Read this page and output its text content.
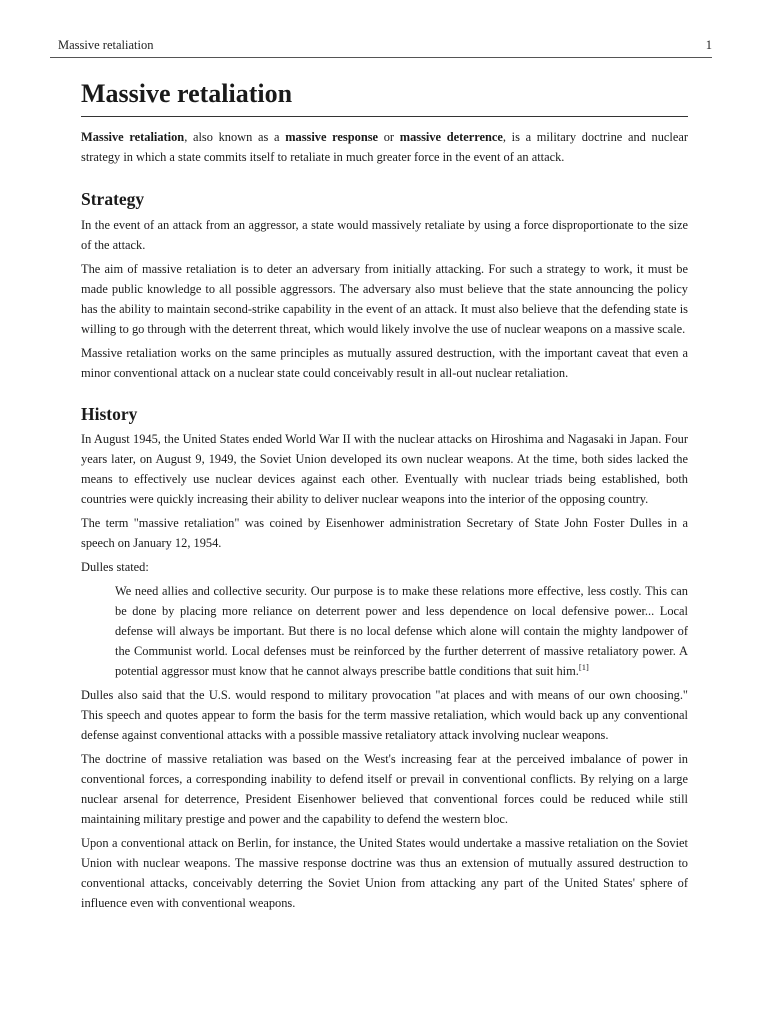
Massive retaliation	1
Massive retaliation

Massive retaliation, also known as a massive response or massive deterrence, is a military doctrine and nuclear strategy in which a state commits itself to retaliate in much greater force in the event of an attack.

Strategy

In the event of an attack from an aggressor, a state would massively retaliate by using a force disproportionate to the size of the attack.

The aim of massive retaliation is to deter an adversary from initially attacking. For such a strategy to work, it must be made public knowledge to all possible aggressors. The adversary also must believe that the state announcing the policy has the ability to maintain second-strike capability in the event of an attack. It must also believe that the defending state is willing to go through with the deterrent threat, which would likely involve the use of nuclear weapons on a massive scale.

Massive retaliation works on the same principles as mutually assured destruction, with the important caveat that even a minor conventional attack on a nuclear state could conceivably result in all-out nuclear retaliation.

History

In August 1945, the United States ended World War II with the nuclear attacks on Hiroshima and Nagasaki in Japan. Four years later, on August 9, 1949, the Soviet Union developed its own nuclear weapons. At the time, both sides lacked the means to effectively use nuclear devices against each other. Eventually with nuclear triads being established, both countries were quickly increasing their ability to deliver nuclear weapons into the interior of the opposing country.

The term "massive retaliation" was coined by Eisenhower administration Secretary of State John Foster Dulles in a speech on January 12, 1954.

Dulles stated:

We need allies and collective security. Our purpose is to make these relations more effective, less costly. This can be done by placing more reliance on deterrent power and less dependence on local defensive power... Local defense will always be important. But there is no local defense which alone will contain the mighty landpower of the Communist world. Local defenses must be reinforced by the further deterrent of massive retaliatory power. A potential aggressor must know that he cannot always prescribe battle conditions that suit him.[1]

Dulles also said that the U.S. would respond to military provocation "at places and with means of our own choosing." This speech and quotes appear to form the basis for the term massive retaliation, which would back up any conventional defense against conventional attacks with a possible massive retaliatory attack involving nuclear weapons.

The doctrine of massive retaliation was based on the West's increasing fear at the perceived imbalance of power in conventional forces, a corresponding inability to defend itself or prevail in conventional conflicts. By relying on a large nuclear arsenal for deterrence, President Eisenhower believed that conventional forces could be reduced while still maintaining military prestige and power and the capability to defend the western bloc.

Upon a conventional attack on Berlin, for instance, the United States would undertake a massive retaliation on the Soviet Union with nuclear weapons. The massive response doctrine was thus an extension of mutually assured destruction to conventional attacks, conceivably deterring the Soviet Union from attacking any part of the United States' sphere of influence even with conventional weapons.
